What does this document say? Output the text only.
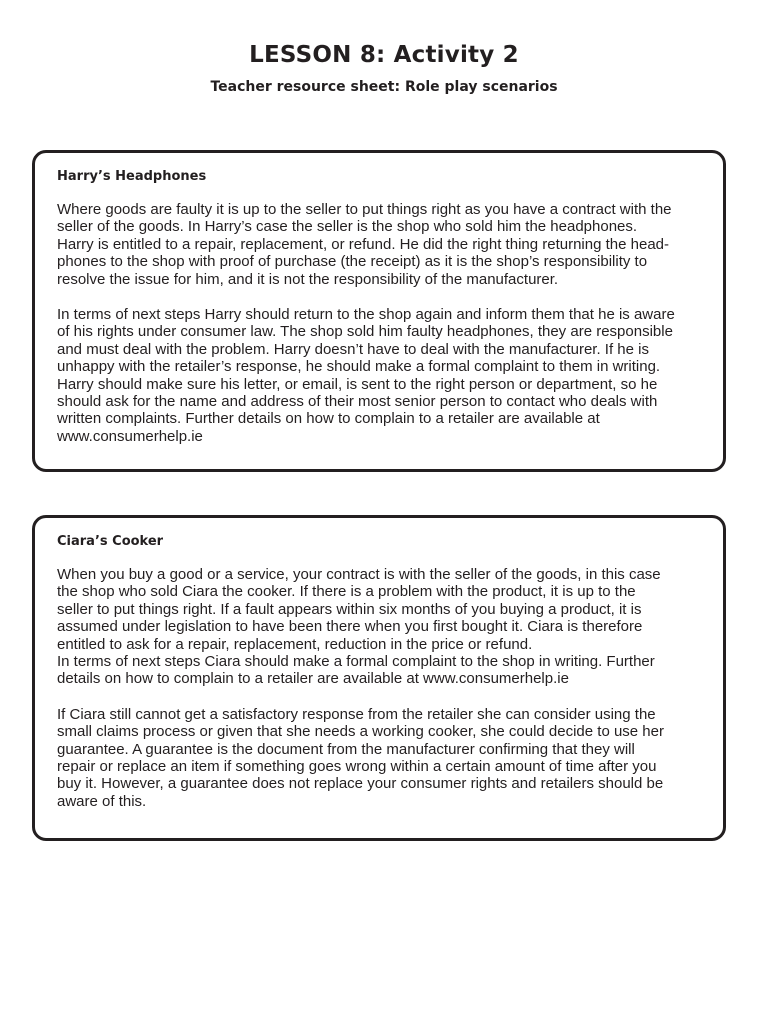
LESSON 8: Activity 2
Teacher resource sheet: Role play scenarios
Harry’s Headphones

Where goods are faulty it is up to the seller to put things right as you have a contract with the
seller of the goods. In Harry’s case the seller is the shop who sold him the headphones.
Harry is entitled to a repair, replacement, or refund. He did the right thing returning the head-
phones to the shop with proof of purchase (the receipt) as it is the shop’s responsibility to
resolve the issue for him, and it is not the responsibility of the manufacturer.

In terms of next steps Harry should return to the shop again and inform them that he is aware
of his rights under consumer law. The shop sold him faulty headphones, they are responsible
and must deal with the problem. Harry doesn’t have to deal with the manufacturer. If he is
unhappy with the retailer’s response, he should make a formal complaint to them in writing.
Harry should make sure his letter, or email, is sent to the right person or department, so he
should ask for the name and address of their most senior person to contact who deals with
written complaints. Further details on how to complain to a retailer are available at
www.consumerhelp.ie

Ciara’s Cooker

When you buy a good or a service, your contract is with the seller of the goods, in this case
the shop who sold Ciara the cooker. If there is a problem with the product, it is up to the
seller to put things right. If a fault appears within six months of you buying a product, it is
assumed under legislation to have been there when you first bought it. Ciara is therefore
entitled to ask for a repair, replacement, reduction in the price or refund.
In terms of next steps Ciara should make a formal complaint to the shop in writing. Further
details on how to complain to a retailer are available at www.consumerhelp.ie

If Ciara still cannot get a satisfactory response from the retailer she can consider using the
small claims process or given that she needs a working cooker, she could decide to use her
guarantee. A guarantee is the document from the manufacturer confirming that they will
repair or replace an item if something goes wrong within a certain amount of time after you
buy it. However, a guarantee does not replace your consumer rights and retailers should be
aware of this.
